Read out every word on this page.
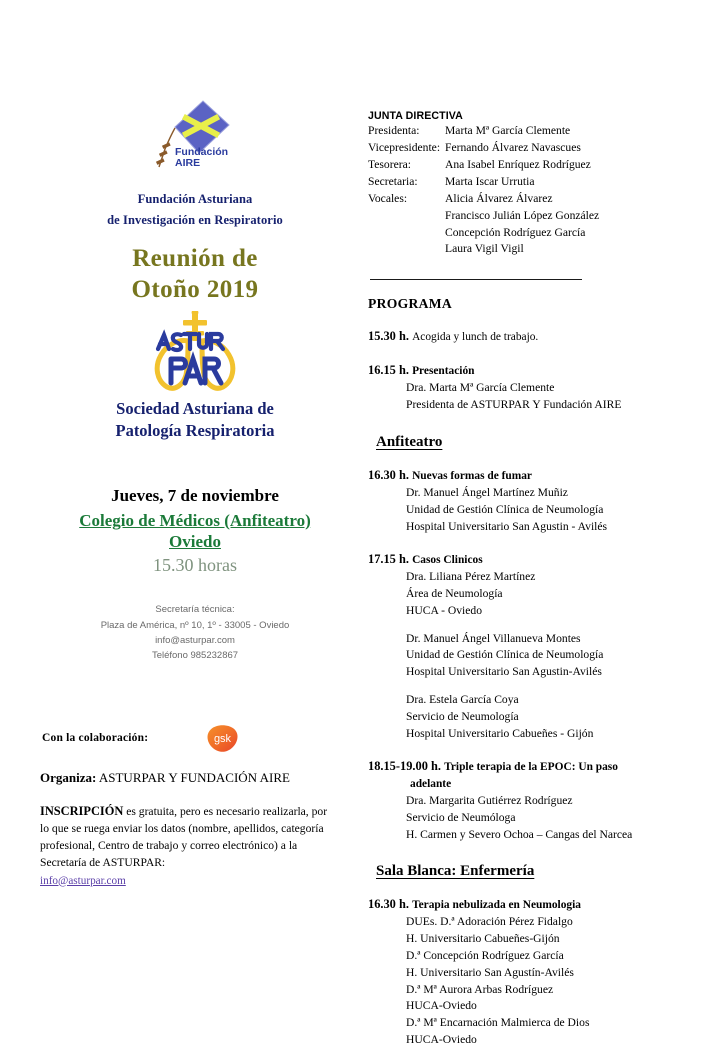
Fundación
AIRE
Fundación Asturiana
de Investigación en Respiratorio
Reunión de
Otoño 2019
Sociedad Asturiana de
Patología Respiratoria
Jueves, 7 de noviembre
Colegio de Médicos (Anfiteatro)
Oviedo
15.30 horas
Secretaría técnica:
Plaza de América, nº 10, 1º - 33005 - Oviedo
info@asturpar.com
Teléfono 985232867
Con la colaboración:	gsk
Organiza: ASTURPAR Y FUNDACIÓN AIRE
INSCRIPCIÓN es gratuita, pero es necesario realizarla, por lo que se ruega enviar los datos (nombre, apellidos, categoría profesional, Centro de trabajo y correo electrónico) a la Secretaría de ASTURPAR:
info@asturpar.com
JUNTA DIRECTIVA
Presidenta:	Marta Mª García Clemente
Vicepresidente: Fernando Álvarez Navascues
Tesorera:	Ana Isabel Enríquez Rodríguez
Secretaria:	Marta Iscar Urrutia
Vocales:	Alicia Álvarez Álvarez
Francisco Julián López González
Concepción Rodríguez García
Laura Vigil Vigil
PROGRAMA
15.30 h. Acogida y lunch de trabajo.
16.15 h. Presentación
Dra. Marta Mª García Clemente
Presidenta de ASTURPAR Y Fundación AIRE
Anfiteatro
16.30 h. Nuevas formas de fumar
Dr. Manuel Ángel Martínez Muñiz
Unidad de Gestión Clínica de Neumología
Hospital Universitario San Agustin - Avilés
17.15 h. Casos Clinicos
Dra. Liliana Pérez Martínez
Área de Neumología
HUCA - Oviedo
Dr. Manuel Ángel Villanueva Montes
Unidad de Gestión Clínica de Neumología
Hospital Universitario San Agustin-Avilés
Dra. Estela García Coya
Servicio de Neumología
Hospital Universitario Cabueñes - Gijón
18.15-19.00 h. Triple terapia de la EPOC: Un paso
adelante
Dra. Margarita Gutiérrez Rodríguez
Servicio de Neumóloga
H. Carmen y Severo Ochoa – Cangas del Narcea
Sala Blanca: Enfermería
16.30 h. Terapia nebulizada en Neumologia
DUEs. D.ª Adoración Pérez Fidalgo
H. Universitario Cabueñes-Gijón
D.ª Concepción Rodríguez García
H. Universitario San Agustín-Avilés
D.ª Mª Aurora Arbas Rodríguez
HUCA-Oviedo
D.ª Mª Encarnación Malmierca de Dios
HUCA-Oviedo
